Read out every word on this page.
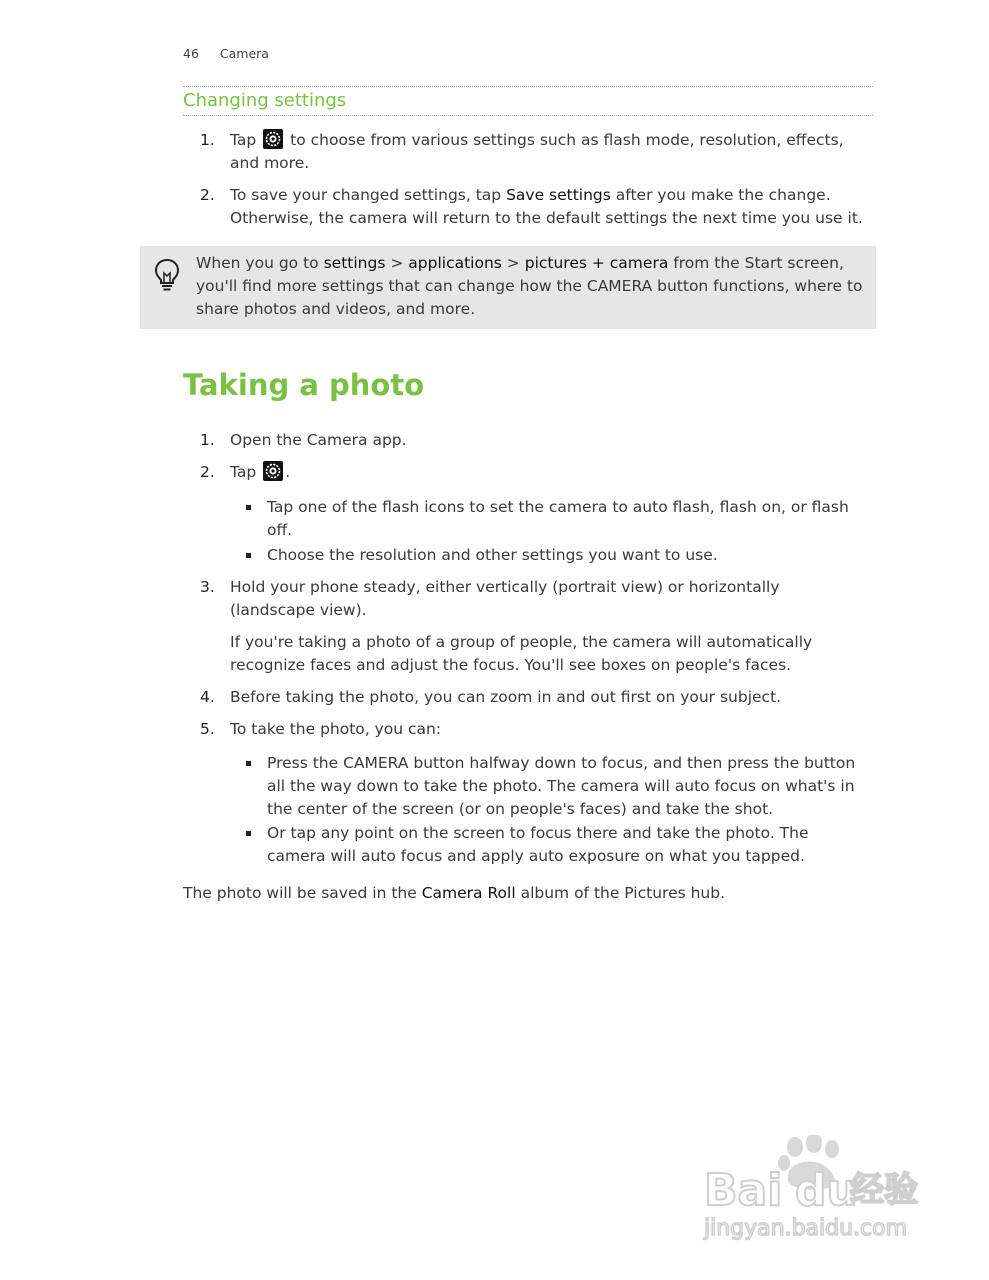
46 Camera
Changing settings
1. Tap to choose from various settings such as flash mode, resolution, effects, and more.
2. To save your changed settings, tap Save settings after you make the change. Otherwise, the camera will return to the default settings the next time you use it.
When you go to settings > applications > pictures + camera from the Start screen, you'll find more settings that can change how the CAMERA button functions, where to share photos and videos, and more.
Taking a photo
1. Open the Camera app.
2. Tap .
Tap one of the flash icons to set the camera to auto flash, flash on, or flash off.
Choose the resolution and other settings you want to use.
3. Hold your phone steady, either vertically (portrait view) or horizontally (landscape view).
If you're taking a photo of a group of people, the camera will automatically recognize faces and adjust the focus. You'll see boxes on people's faces.
4. Before taking the photo, you can zoom in and out first on your subject.
5. To take the photo, you can:
Press the CAMERA button halfway down to focus, and then press the button all the way down to take the photo. The camera will auto focus on what's in the center of the screen (or on people's faces) and take the shot.
Or tap any point on the screen to focus there and take the photo. The camera will auto focus and apply auto exposure on what you tapped.
The photo will be saved in the Camera Roll album of the Pictures hub.
Bai du
经验
jingyan.baidu.com
